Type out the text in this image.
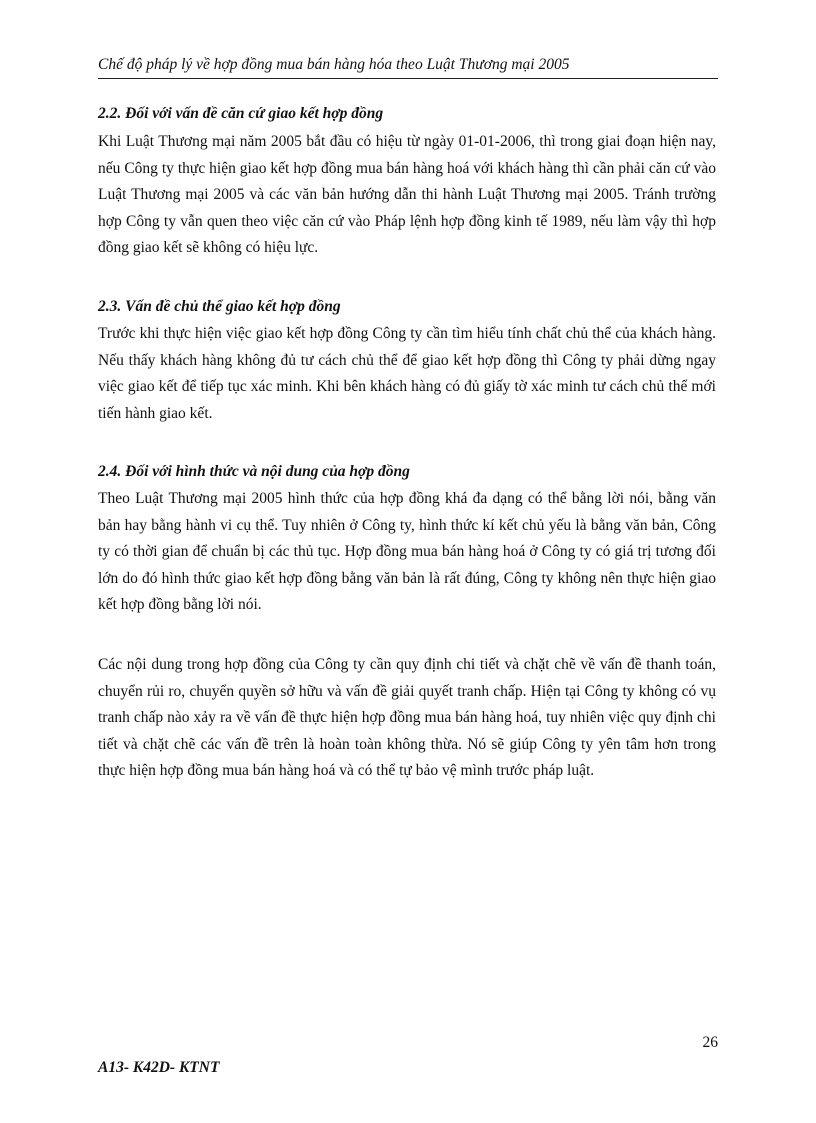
Chế độ pháp lý về hợp đồng mua bán hàng hóa theo Luật Thương mại 2005
2.2. Đối với vấn đề căn cứ giao kết hợp đồng

Khi Luật Thương mại năm 2005 bắt đầu có hiệu từ ngày 01-01-2006, thì trong giai đoạn hiện nay, nếu Công ty thực hiện giao kết hợp đồng mua bán hàng hoá với khách hàng thì cần phải căn cứ vào Luật Thương mại 2005 và các văn bản hướng dẫn thi hành Luật Thương mại 2005. Tránh trường hợp Công ty vẫn quen theo việc căn cứ vào Pháp lệnh hợp đồng kinh tế 1989, nếu làm vậy thì hợp đồng giao kết sẽ không có hiệu lực.

2.3. Vấn đề chủ thể giao kết hợp đồng

Trước khi thực hiện việc giao kết hợp đồng Công ty cần tìm hiểu tính chất chủ thể của khách hàng. Nếu thấy khách hàng không đủ tư cách chủ thể để giao kết hợp đồng thì Công ty phải dừng ngay việc giao kết để tiếp tục xác minh. Khi bên khách hàng có đủ giấy tờ xác minh tư cách chủ thể mới tiến hành giao kết.

2.4. Đối với hình thức và nội dung của hợp đồng

Theo Luật Thương mại 2005 hình thức của hợp đồng khá đa dạng có thể bằng lời nói, bằng văn bản hay bằng hành vi cụ thể. Tuy nhiên ở Công ty, hình thức kí kết chủ yếu là bằng văn bản, Công ty có thời gian để chuẩn bị các thủ tục. Hợp đồng mua bán hàng hoá ở Công ty có giá trị tương đối lớn do đó hình thức giao kết hợp đồng bằng văn bản là rất đúng, Công ty không nên thực hiện giao kết hợp đồng bằng lời nói.

Các nội dung trong hợp đồng của Công ty cần quy định chi tiết và chặt chẽ về vấn đề thanh toán, chuyển rủi ro, chuyển quyền sở hữu và vấn đề giải quyết tranh chấp. Hiện tại Công ty không có vụ tranh chấp nào xảy ra về vấn đề thực hiện hợp đồng mua bán hàng hoá, tuy nhiên việc quy định chi tiết và chặt chẽ các vấn đề trên là hoàn toàn không thừa. Nó sẽ giúp Công ty yên tâm hơn trong thực hiện hợp đồng mua bán hàng hoá và có thể tự bảo vệ mình trước pháp luật.

26
A13- K42D- KTNT
